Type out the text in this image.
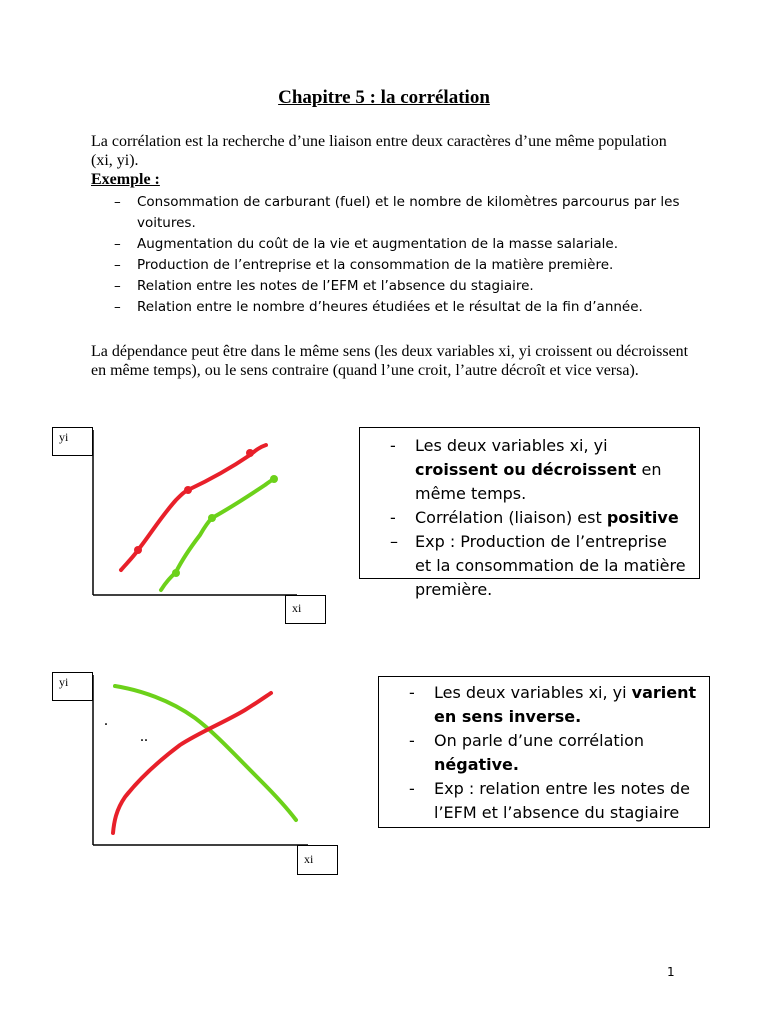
Chapitre 5 : la corrélation
La corrélation est la recherche d’une liaison entre deux caractères d’une même population (xi, yi).
Exemple :
– Consommation de carburant (fuel) et le nombre de kilomètres parcourus par les voitures.
– Augmentation du coût de la vie et augmentation de la masse salariale.
– Production de l’entreprise et la consommation de la matière première.
– Relation entre les notes de l’EFM et l’absence du stagiaire.
– Relation entre le nombre d’heures étudiées et le résultat de la fin d’année.
La dépendance peut être dans le même sens (les deux variables xi, yi croissent ou décroissent en même temps), ou le sens contraire (quand l’une croit, l’autre décroît et vice versa).
yi
xi
- Les deux variables xi, yi croissent ou décroissent en même temps.
- Corrélation (liaison) est positive
– Exp : Production de l’entreprise et la consommation de la matière première.
.
..
yi
xi
- Les deux variables xi, yi varient en sens inverse.
- On parle d’une corrélation négative.
- Exp : relation entre les notes de l’EFM et l’absence du stagiaire
1
